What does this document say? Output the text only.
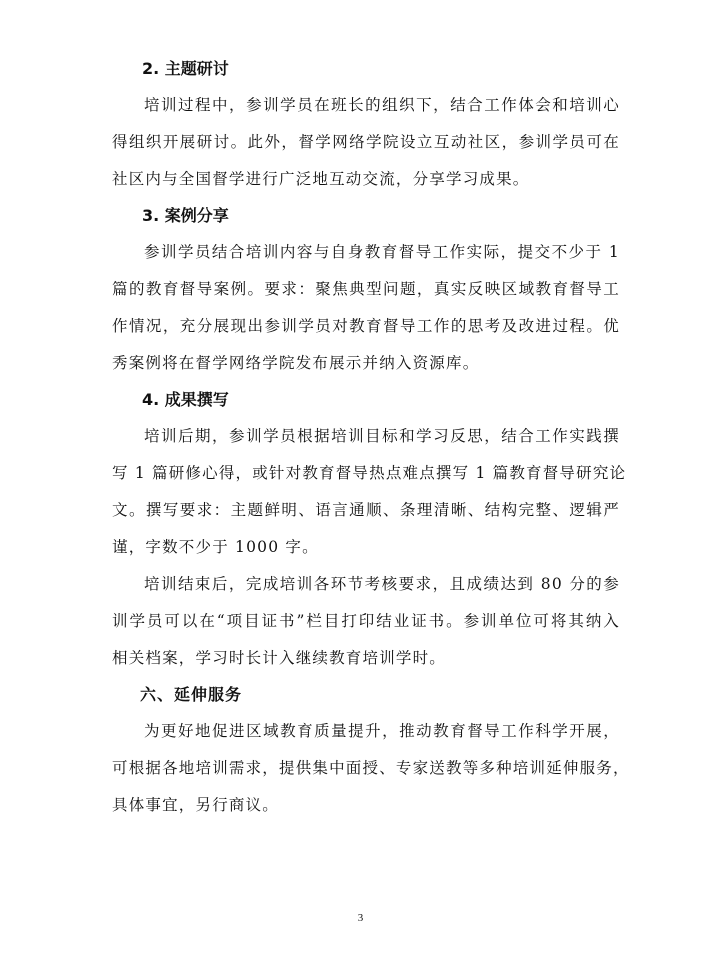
2. 主题研讨

培训过程中，参训学员在班长的组织下，结合工作体会和培训心
得组织开展研讨。此外，督学网络学院设立互动社区，参训学员可在
社区内与全国督学进行广泛地互动交流，分享学习成果。

3. 案例分享

参训学员结合培训内容与自身教育督导工作实际，提交不少于 1
篇的教育督导案例。要求：聚焦典型问题，真实反映区域教育督导工
作情况，充分展现出参训学员对教育督导工作的思考及改进过程。优
秀案例将在督学网络学院发布展示并纳入资源库。

4. 成果撰写

培训后期，参训学员根据培训目标和学习反思，结合工作实践撰
写 1 篇研修心得，或针对教育督导热点难点撰写 1 篇教育督导研究论
文。撰写要求：主题鲜明、语言通顺、条理清晰、结构完整、逻辑严
谨，字数不少于 1000 字。

培训结束后，完成培训各环节考核要求，且成绩达到 80 分的参
训学员可以在“项目证书”栏目打印结业证书。参训单位可将其纳入
相关档案，学习时长计入继续教育培训学时。

六、延伸服务

为更好地促进区域教育质量提升，推动教育督导工作科学开展，
可根据各地培训需求，提供集中面授、专家送教等多种培训延伸服务，
具体事宜，另行商议。

3
